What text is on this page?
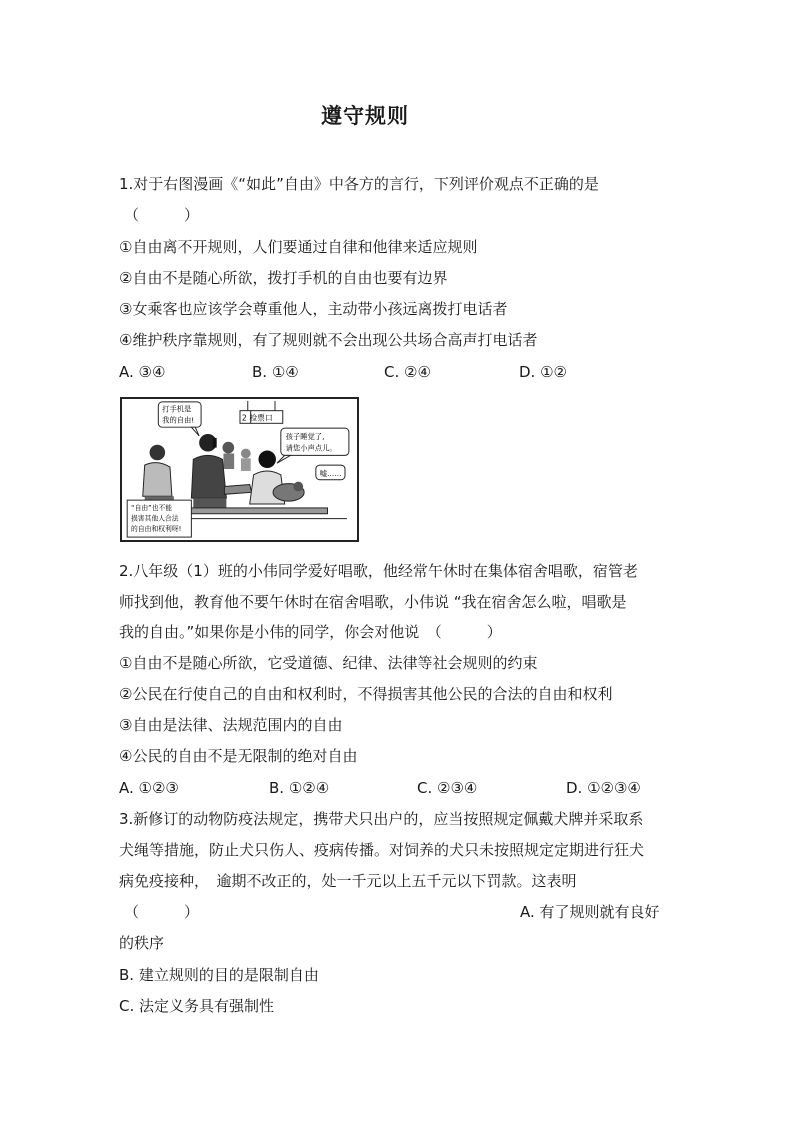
遵守规则
1.对于右图漫画《“如此”自由》中各方的言行，下列评价观点不正确的是
（　　　）
①自由离不开规则，人们要通过自律和他律来适应规则
②自由不是随心所欲，拨打手机的自由也要有边界
③女乘客也应该学会尊重他人，主动带小孩远离拨打电话者
④维护秩序靠规则，有了规则就不会出现公共场合高声打电话者
A. ③④	B. ①④	C. ②④	D. ①②
2 检票口
打手机是
我的自由!
孩子睡觉了,
请您小声点儿。
嘘……
“自由”也不能
损害其他人合法
的自由和权利呀!
2.八年级（1）班的小伟同学爱好唱歌，他经常午休时在集体宿舍唱歌，宿管老
师找到他，教育他不要午休时在宿舍唱歌，小伟说 “我在宿舍怎么啦，唱歌是
我的自由。”如果你是小伟的同学，你会对他说　（　　　）
①自由不是随心所欲，它受道德、纪律、法律等社会规则的约束
②公民在行使自己的自由和权利时，不得损害其他公民的合法的自由和权利
③自由是法律、法规范围内的自由
④公民的自由不是无限制的绝对自由
A. ①②③	B. ①②④	C. ②③④	D. ①②③④
3.新修订的动物防疫法规定，携带犬只出户的，应当按照规定佩戴犬牌并采取系
犬绳等措施，防止犬只伤人、疫病传播。对饲养的犬只未按照规定定期进行狂犬
病免疫接种，　逾期不改正的，处一千元以上五千元以下罚款。这表明
（　　　）	A. 有了规则就有良好
的秩序
B. 建立规则的目的是限制自由
C. 法定义务具有强制性
